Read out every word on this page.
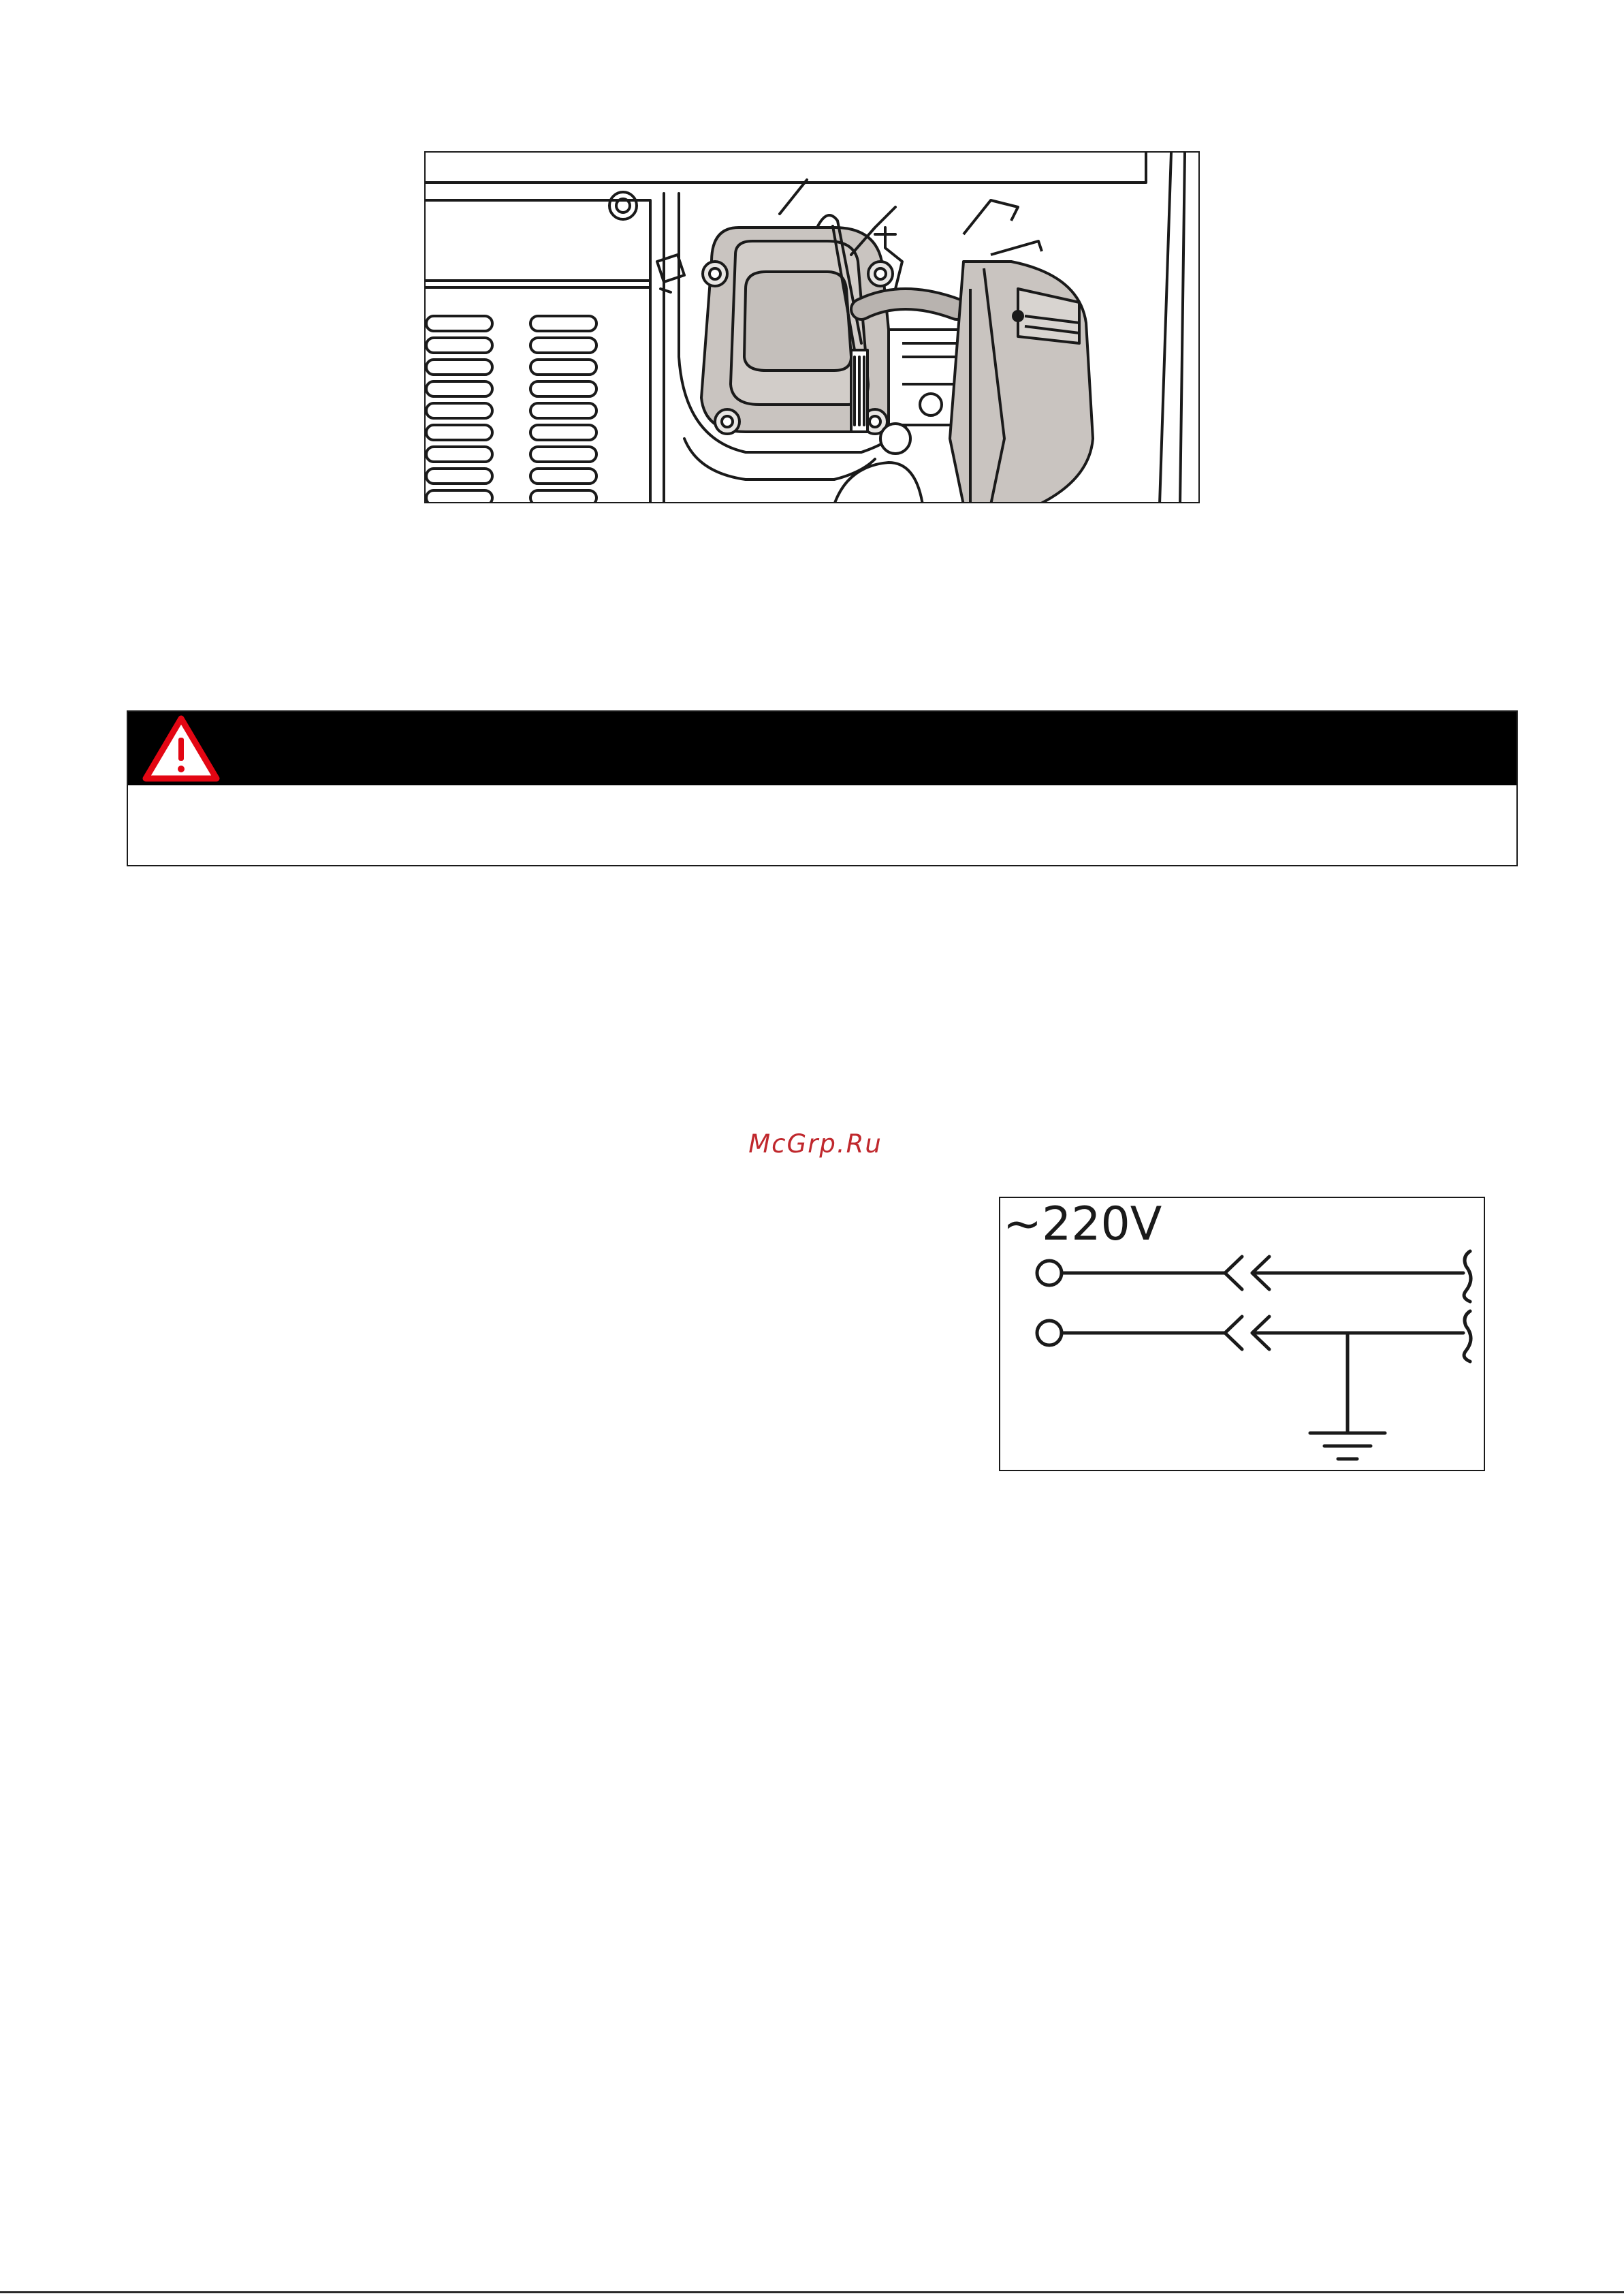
McGrp.Ru
~220V
